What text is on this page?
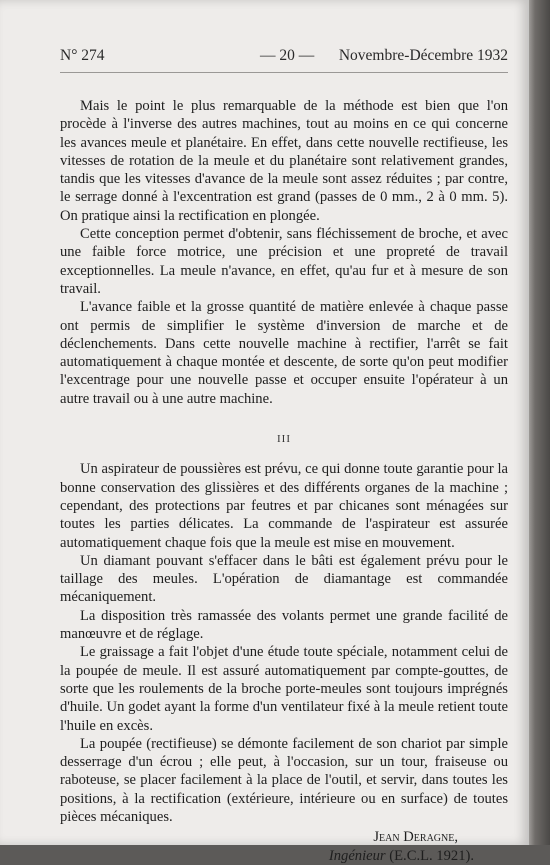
N° 274	— 20 — Novembre-Décembre 1932

Mais le point le plus remarquable de la méthode est bien que l'on procède à l'inverse des autres machines, tout au moins en ce qui concerne les avances meule et planétaire. En effet, dans cette nouvelle rectifieuse, les vitesses de rotation de la meule et du planétaire sont relativement grandes, tandis que les vitesses d'avance de la meule sont assez réduites ; par contre, le serrage donné à l'excentration est grand (passes de 0 mm., 2 à 0 mm. 5). On pratique ainsi la rectification en plongée.

Cette conception permet d'obtenir, sans fléchissement de broche, et avec une faible force motrice, une précision et une propreté de travail exceptionnelles. La meule n'avance, en effet, qu'au fur et à mesure de son travail.

L'avance faible et la grosse quantité de matière enlevée à chaque passe ont permis de simplifier le système d'inversion de marche et de déclenchements. Dans cette nouvelle machine à rectifier, l'arrêt se fait automatiquement à chaque montée et descente, de sorte qu'on peut modifier l'excentrage pour une nouvelle passe et occuper ensuite l'opérateur à un autre travail ou à une autre machine.

III

Un aspirateur de poussières est prévu, ce qui donne toute garantie pour la bonne conservation des glissières et des différents organes de la machine ; cependant, des protections par feutres et par chicanes sont ménagées sur toutes les parties délicates. La commande de l'aspirateur est assurée automatiquement chaque fois que la meule est mise en mouvement.

Un diamant pouvant s'effacer dans le bâti est également prévu pour le taillage des meules. L'opération de diamantage est commandée mécaniquement.

La disposition très ramassée des volants permet une grande facilité de manœuvre et de réglage.

Le graissage a fait l'objet d'une étude toute spéciale, notamment celui de la poupée de meule. Il est assuré automatiquement par compte-gouttes, de sorte que les roulements de la broche porte-meules sont toujours imprégnés d'huile. Un godet ayant la forme d'un ventilateur fixé à la meule retient toute l'huile en excès.

La poupée (rectifieuse) se démonte facilement de son chariot par simple desserrage d'un écrou ; elle peut, à l'occasion, sur un tour, fraiseuse ou raboteuse, se placer facilement à la place de l'outil, et servir, dans toutes les positions, à la rectification (extérieure, intérieure ou en surface) de toutes pièces mécaniques.

Jean Deragne,
Ingénieur (E.C.L. 1921).
